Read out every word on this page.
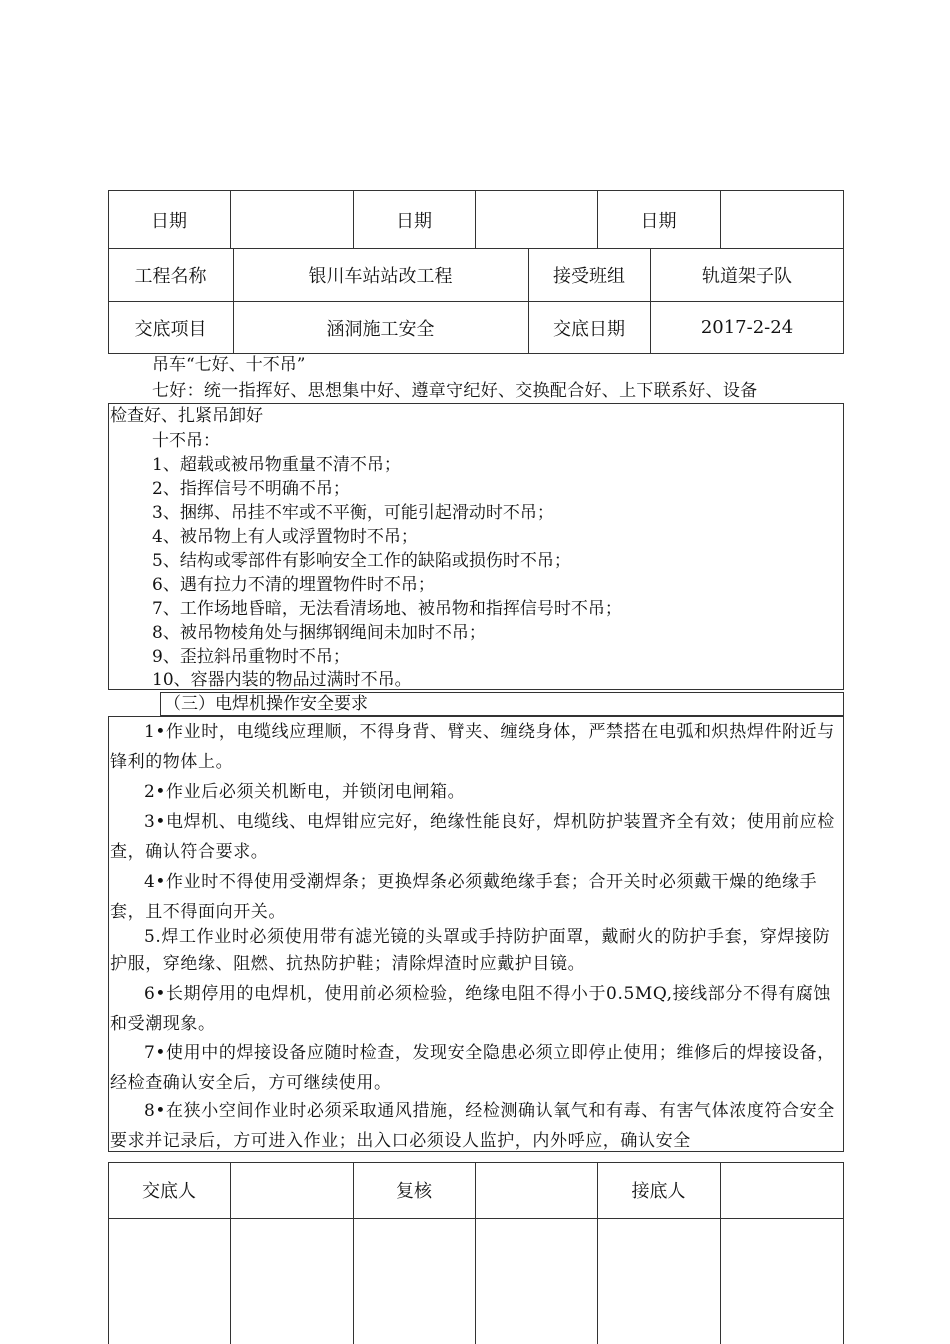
日期	日期	日期
工程名称	银川车站站改工程	接受班组	轨道架子队
交底项目	涵洞施工安全	交底日期	2017-2-24
吊车“七好、十不吊”
七好：统一指挥好、思想集中好、遵章守纪好、交换配合好、上下联系好、设备
检查好、扎紧吊卸好
十不吊：
1、超载或被吊物重量不清不吊；
2、指挥信号不明确不吊；
3、捆绑、吊挂不牢或不平衡，可能引起滑动时不吊；
4、被吊物上有人或浮置物时不吊；
5、结构或零部件有影响安全工作的缺陷或损伤时不吊；
6、遇有拉力不清的埋置物件时不吊；
7、工作场地昏暗，无法看清场地、被吊物和指挥信号时不吊；
8、被吊物棱角处与捆绑钢绳间未加时不吊；
9、歪拉斜吊重物时不吊；
10、容器内装的物品过满时不吊。
（三）电焊机操作安全要求
1•作业时，电缆线应理顺，不得身背、臂夹、缠绕身体，严禁搭在电弧和炽热焊件附近与锋利的物体上。
2•作业后必须关机断电，并锁闭电闸箱。
3•电焊机、电缆线、电焊钳应完好，绝缘性能良好，焊机防护装置齐全有效；使用前应检查，确认符合要求。
4•作业时不得使用受潮焊条；更换焊条必须戴绝缘手套；合开关时必须戴干燥的绝缘手套，且不得面向开关。
5.焊工作业时必须使用带有滤光镜的头罩或手持防护面罩，戴耐火的防护手套，穿焊接防护服，穿绝缘、阻燃、抗热防护鞋；清除焊渣时应戴护目镜。
6•长期停用的电焊机，使用前必须检验，绝缘电阻不得小于0.5MQ,接线部分不得有腐蚀和受潮现象。
7•使用中的焊接设备应随时检查，发现安全隐患必须立即停止使用；维修后的焊接设备，经检查确认安全后，方可继续使用。
8•在狭小空间作业时必须采取通风措施，经检测确认氧气和有毒、有害气体浓度符合安全要求并记录后，方可进入作业；出入口必须设人监护，内外呼应，确认安全
交底人	复核	接底人
